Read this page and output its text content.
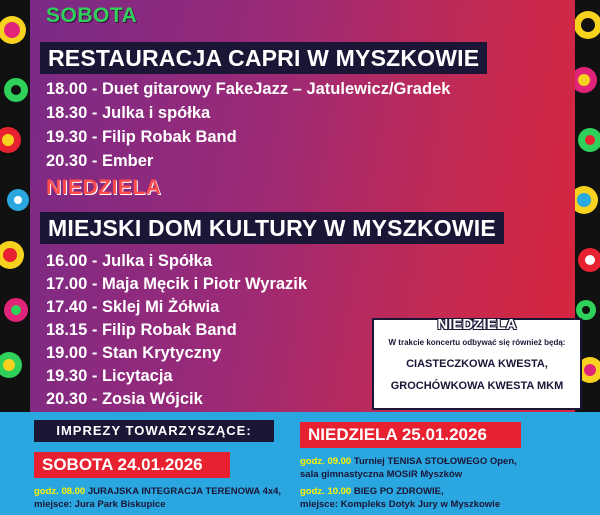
SOBOTA
RESTAURACJA CAPRI W MYSZKOWIE
18.00 - Duet gitarowy FakeJazz – Jatulewicz/Gradek
18.30 - Julka i spółka
19.30 - Filip Robak Band
20.30 - Ember
NIEDZIELA
MIEJSKI DOM KULTURY W MYSZKOWIE
16.00 - Julka i Spółka
17.00 - Maja Męcik i Piotr Wyrazik
17.40 - Sklej Mi Żółwia
18.15 - Filip Robak Band
19.00 - Stan Krytyczny
19.30 - Licytacja
20.30 - Zosia Wójcik
NIEDZIELA
W trakcie koncertu odbywać się również będą:
CIASTECZKOWA KWESTA,
GROCHÓWKOWA KWESTA MKM
IMPREZY TOWARZYSZĄCE:
SOBOTA 24.01.2026
NIEDZIELA 25.01.2026
godz. 08.00 JURAJSKA INTEGRACJA TERENOWA 4x4,
miejsce: Jura Park Biskupice
godz. 09.00 Turniej TENISA STOŁOWEGO Open,
sala gimnastyczna MOSiR Myszków
godz. 10.00 BIEG PO ZDROWIE,
miejsce: Kompleks Dotyk Jury w Myszkowie
